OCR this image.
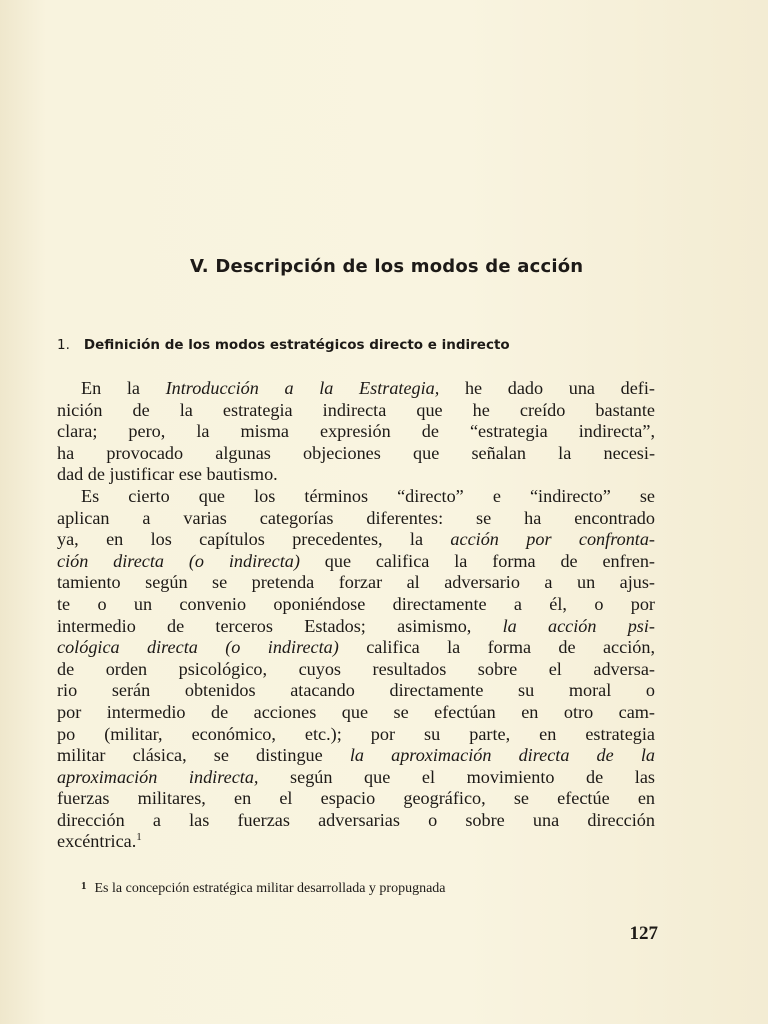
V. Descripción de los modos de acción
1. Definición de los modos estratégicos directo e indirecto

En la Introducción a la Estrategia, he dado una defi-
nición de la estrategia indirecta que he creído bastante
clara; pero, la misma expresión de “estrategia indirecta”,
ha provocado algunas objeciones que señalan la necesi-
dad de justificar ese bautismo.

Es cierto que los términos “directo” e “indirecto” se
aplican a varias categorías diferentes: se ha encontrado
ya, en los capítulos precedentes, la acción por confronta-
ción directa (o indirecta) que califica la forma de enfren-
tamiento según se pretenda forzar al adversario a un ajus-
te o un convenio oponiéndose directamente a él, o por
intermedio de terceros Estados; asimismo, la acción psi-
cológica directa (o indirecta) califica la forma de acción,
de orden psicológico, cuyos resultados sobre el adversa-
rio serán obtenidos atacando directamente su moral o
por intermedio de acciones que se efectúan en otro cam-
po (militar, económico, etc.); por su parte, en estrategia
militar clásica, se distingue la aproximación directa de la
aproximación indirecta, según que el movimiento de las
fuerzas militares, en el espacio geográfico, se efectúe en
dirección a las fuerzas adversarias o sobre una dirección
excéntrica.$^1$

$^1$ Es la concepción estratégica militar desarrollada y propugnada
127
